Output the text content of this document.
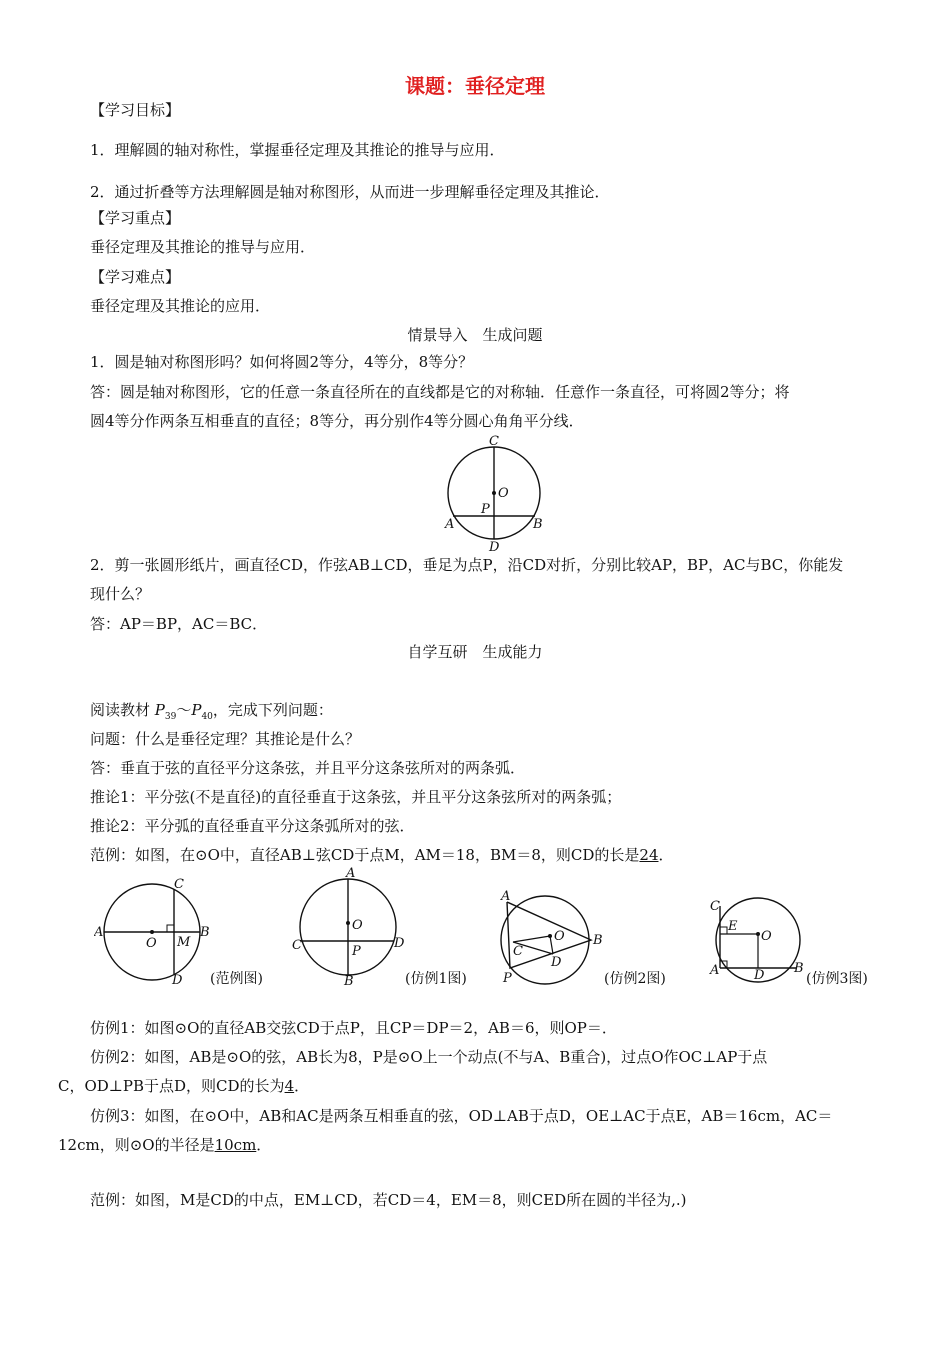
课题：垂径定理
【学习目标】
1．理解圆的轴对称性，掌握垂径定理及其推论的推导与应用．
2．通过折叠等方法理解圆是轴对称图形，从而进一步理解垂径定理及其推论．
【学习重点】
垂径定理及其推论的推导与应用．
【学习难点】
垂径定理及其推论的应用．
情景导入　生成问题
1．圆是轴对称图形吗？如何将圆2等分，4等分，8等分？
答：圆是轴对称图形，它的任意一条直径所在的直线都是它的对称轴．任意作一条直径，可将圆2等分；将
圆4等分作两条互相垂直的直径；8等分，再分别作4等分圆心角角平分线．
C
O
P
A	B
D
2．剪一张圆形纸片，画直径CD，作弦AB⊥CD，垂足为点P，沿CD对折，分别比较AP，BP，AC与BC，你能发
现什么？
答：AP＝BP，AC＝BC．
自学互研　生成能力
阅读教材 $P_{39}\sim P_{40}$，完成下列问题：
问题：什么是垂径定理？其推论是什么？
答：垂直于弦的直径平分这条弦，并且平分这条弦所对的两条弧．
推论1：平分弦(不是直径)的直径垂直于这条弦，并且平分这条弦所对的两条弧；
推论2：平分弧的直径垂直平分这条弧所对的弦．
范例：如图，在⊙O中，直径AB⊥弦CD于点M，AM＝18，BM＝8，则CD的长是24．
C
A
O M
B
D (范例图)
A
O
C	P
D
B	(仿例1图)
A
O B
C
D
P	(仿例2图)
C
E
O
A	D B
(仿例3图)
仿例1：如图⊙O的直径AB交弦CD于点P，且CP＝DP＝2，AB＝6，则OP＝．
仿例2：如图，AB是⊙O的弦，AB长为8，P是⊙O上一个动点(不与A、B重合)，过点O作OC⊥AP于点
C，OD⊥PB于点D，则CD的长为4．
仿例3：如图，在⊙O中，AB和AC是两条互相垂直的弦，OD⊥AB于点D，OE⊥AC于点E，AB＝16cm，AC＝
12cm，则⊙O的半径是10cm．
范例：如图，M是CD的中点，EM⊥CD，若CD＝4，EM＝8，则CED所在圆的半径为,.)
